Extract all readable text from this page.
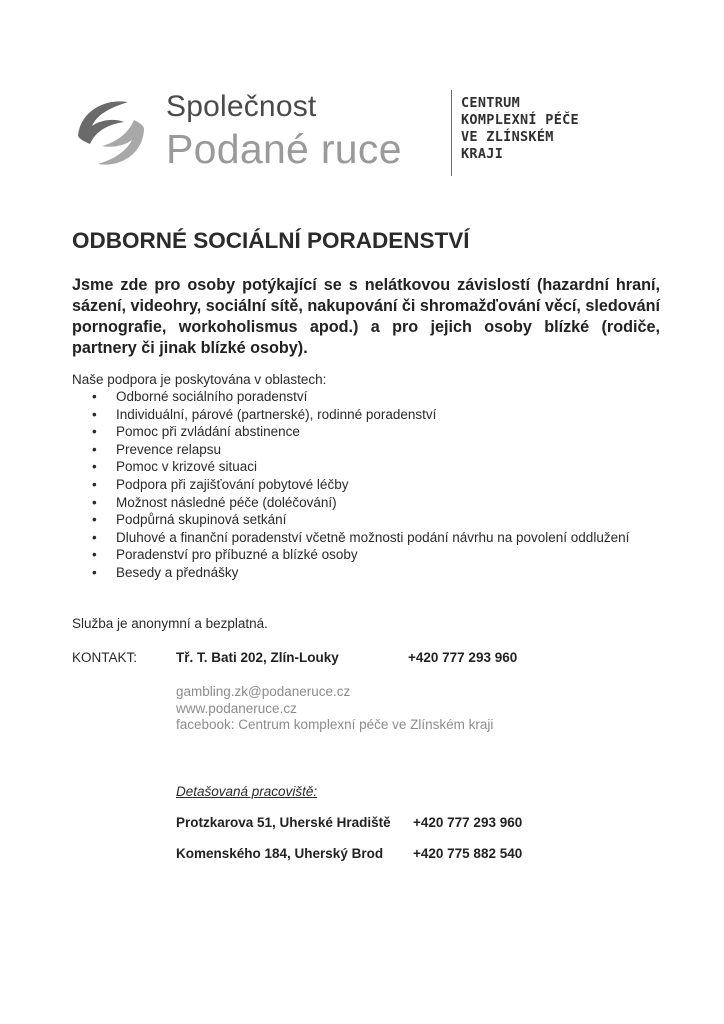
Společnost
Podané ruce
CENTRUM
KOMPLEXNÍ PÉČE
VE ZLÍNSKÉM
KRAJI
ODBORNÉ SOCIÁLNÍ PORADENSTVÍ
Jsme zde pro osoby potýkající se s nelátkovou závislostí (hazardní hraní, sázení, videohry, sociální sítě, nakupování či shromažďování věcí, sledování pornografie, workoholismus apod.) a pro jejich osoby blízké (rodiče, partnery či jinak blízké osoby).
Naše podpora je poskytována v oblastech:
• Odborné sociálního poradenství
• Individuální, párové (partnerské), rodinné poradenství
• Pomoc při zvládání abstinence
• Prevence relapsu
• Pomoc v krizové situaci
• Podpora při zajišťování pobytové léčby
• Možnost následné péče (doléčování)
• Podpůrná skupinová setkání
• Dluhové a finanční poradenství včetně možnosti podání návrhu na povolení oddlužení
• Poradenství pro příbuzné a blízké osoby
• Besedy a přednášky
Služba je anonymní a bezplatná.
KONTAKT:	Tř. T. Bati 202, Zlín-Louky	+420 777 293 960
gambling.zk@podaneruce.cz
www.podaneruce.cz
facebook: Centrum komplexní péče ve Zlínském kraji
Detašovaná pracoviště:
Protzkarova 51, Uherské Hradiště +420 777 293 960
Komenského 184, Uherský Brod +420 775 882 540
